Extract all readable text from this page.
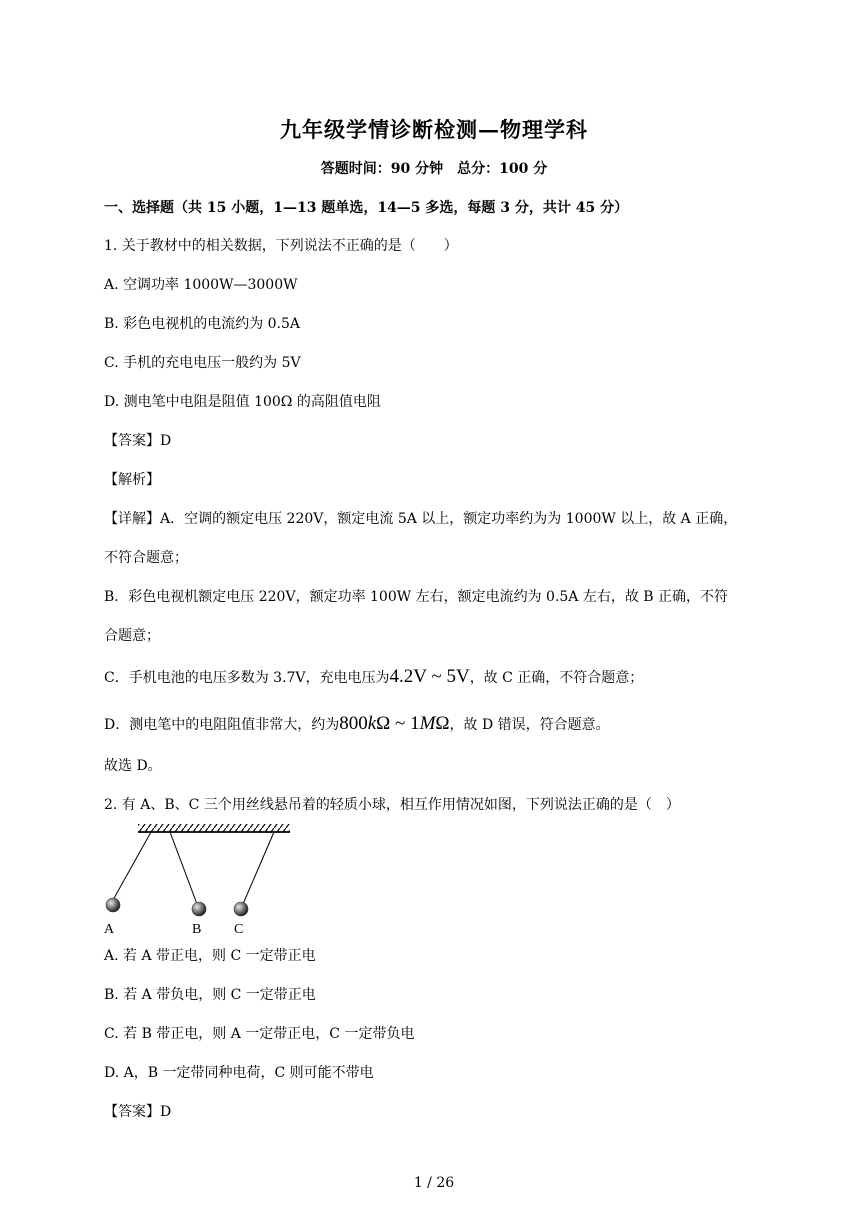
九年级学情诊断检测—物理学科
答题时间：90 分钟　总分：100 分
一、选择题（共 15 小题，1—13 题单选，14—5 多选，每题 3 分，共计 45 分）
1. 关于教材中的相关数据，下列说法不正确的是（　　）
A. 空调功率 1000W—3000W
B. 彩色电视机的电流约为 0.5A
C. 手机的充电电压一般约为 5V
D. 测电笔中电阻是阻值 100Ω 的高阻值电阻
【答案】D
【解析】
【详解】A．空调的额定电压 220V，额定电流 5A 以上，额定功率约为为 1000W 以上，故 A 正确，
不符合题意；
B．彩色电视机额定电压 220V，额定功率 100W 左右，额定电流约为 0.5A 左右，故 B 正确，不符
合题意；
C．手机电池的电压多数为 3.7V，充电电压为4.2V ~ 5V，故 C 正确，不符合题意；
D．测电笔中的电阻阻值非常大，约为800kΩ ~ 1MΩ，故 D 错误，符合题意。
故选 D。
2. 有 A、B、C 三个用丝线悬吊着的轻质小球，相互作用情况如图，下列说法正确的是（　）
A	B C
A. 若 A 带正电，则 C 一定带正电
B. 若 A 带负电，则 C 一定带正电
C. 若 B 带正电，则 A 一定带正电，C 一定带负电
D. A，B 一定带同种电荷，C 则可能不带电
【答案】D
1 / 26
